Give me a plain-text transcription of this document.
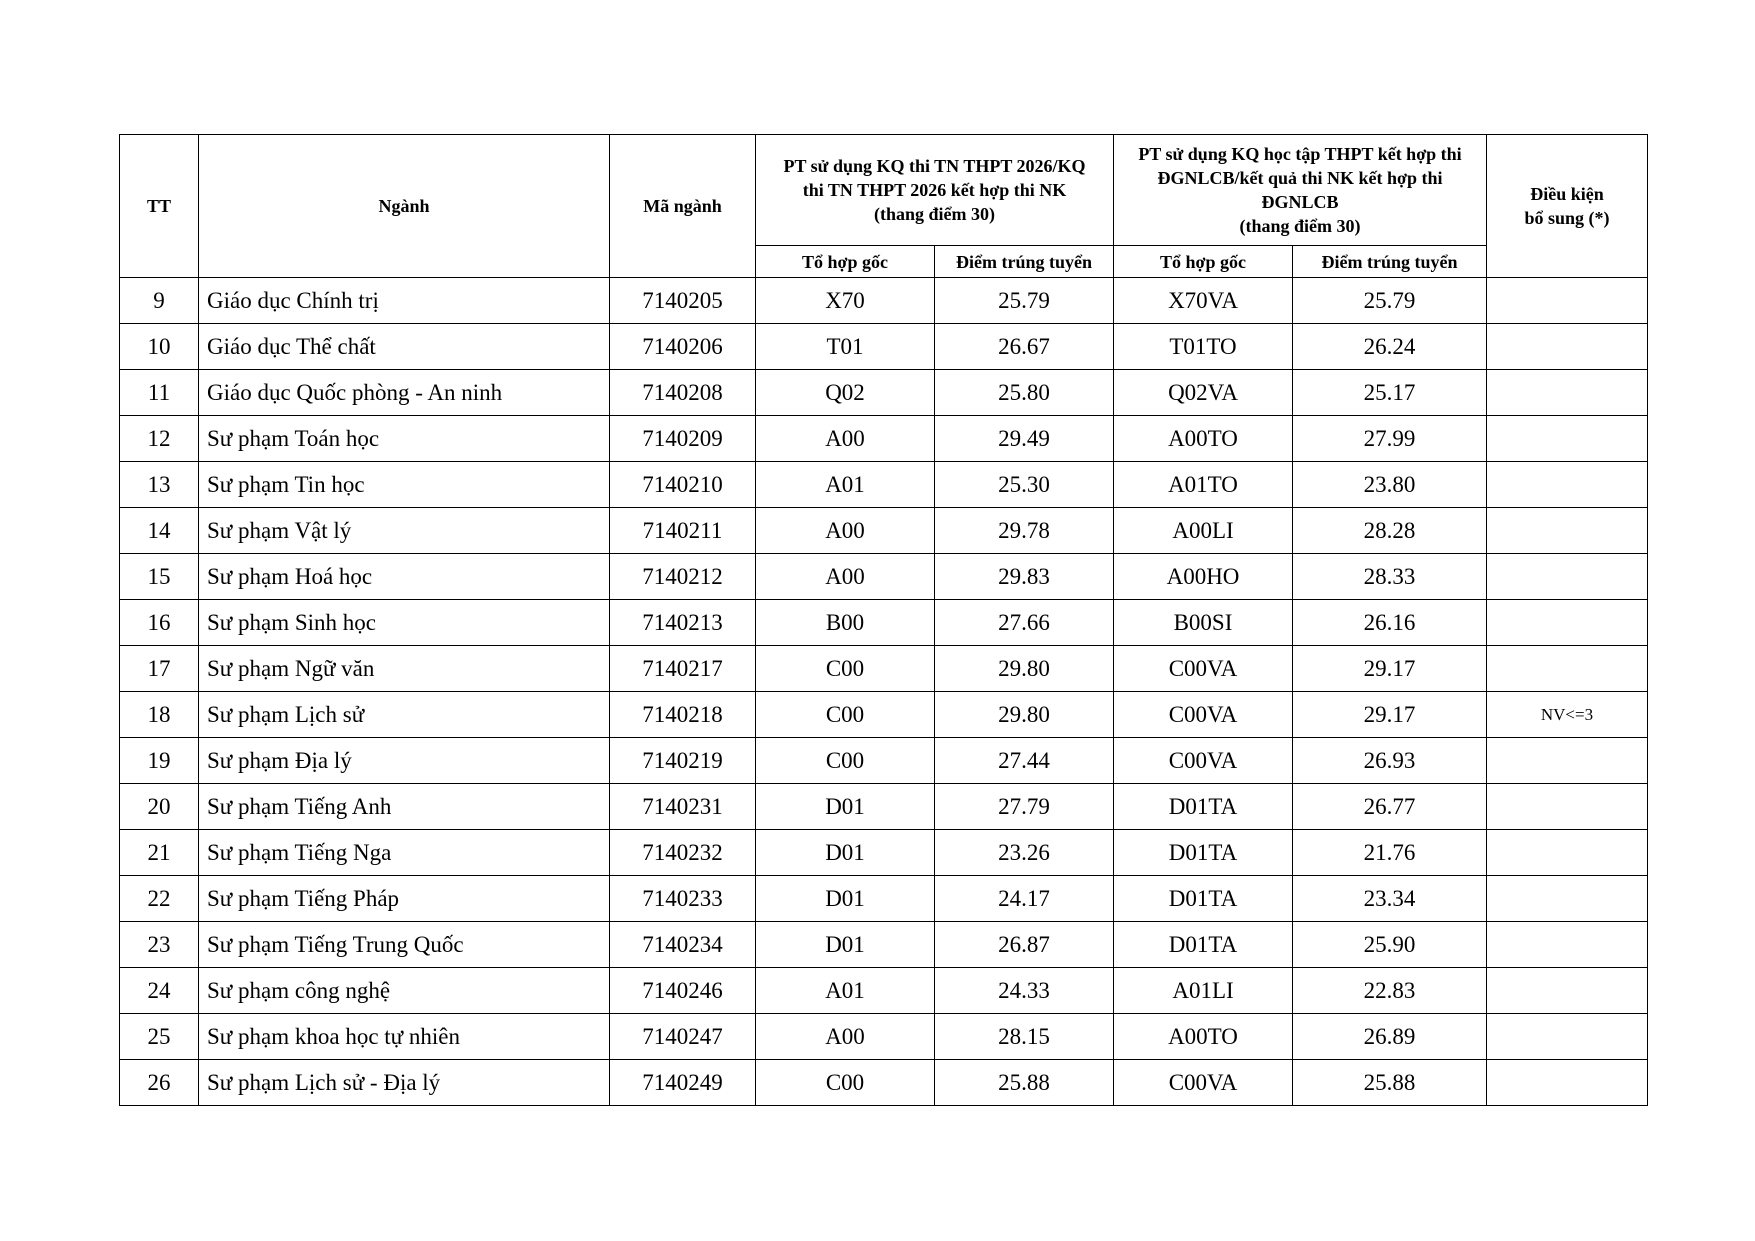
TT	Ngành	Mã ngành	PT sử dụng KQ thi TN THPT 2026/KQ
thi TN THPT 2026 kết hợp thi NK
(thang điểm 30)		PT sử dụng KQ học tập THPT kết hợp thi
ĐGNLCB/kết quả thi NK kết hợp thi
ĐGNLCB
(thang điểm 30)		Điều kiện
bổ sung (*)
			Tổ hợp gốc	Điểm trúng tuyển	Tổ hợp gốc	Điểm trúng tuyển	
9	Giáo dục Chính trị	7140205	X70	25.79	X70VA	25.79	
10	Giáo dục Thể chất	7140206	T01	26.67	T01TO	26.24	
11	Giáo dục Quốc phòng - An ninh	7140208	Q02	25.80	Q02VA	25.17	
12	Sư phạm Toán học	7140209	A00	29.49	A00TO	27.99	
13	Sư phạm Tin học	7140210	A01	25.30	A01TO	23.80	
14	Sư phạm Vật lý	7140211	A00	29.78	A00LI	28.28	
15	Sư phạm Hoá học	7140212	A00	29.83	A00HO	28.33	
16	Sư phạm Sinh học	7140213	B00	27.66	B00SI	26.16	
17	Sư phạm Ngữ văn	7140217	C00	29.80	C00VA	29.17	
18	Sư phạm Lịch sử	7140218	C00	29.80	C00VA	29.17	NV<=3
19	Sư phạm Địa lý	7140219	C00	27.44	C00VA	26.93	
20	Sư phạm Tiếng Anh	7140231	D01	27.79	D01TA	26.77	
21	Sư phạm Tiếng Nga	7140232	D01	23.26	D01TA	21.76	
22	Sư phạm Tiếng Pháp	7140233	D01	24.17	D01TA	23.34	
23	Sư phạm Tiếng Trung Quốc	7140234	D01	26.87	D01TA	25.90	
24	Sư phạm công nghệ	7140246	A01	24.33	A01LI	22.83	
25	Sư phạm khoa học tự nhiên	7140247	A00	28.15	A00TO	26.89	
26	Sư phạm Lịch sử - Địa lý	7140249	C00	25.88	C00VA	25.88	
